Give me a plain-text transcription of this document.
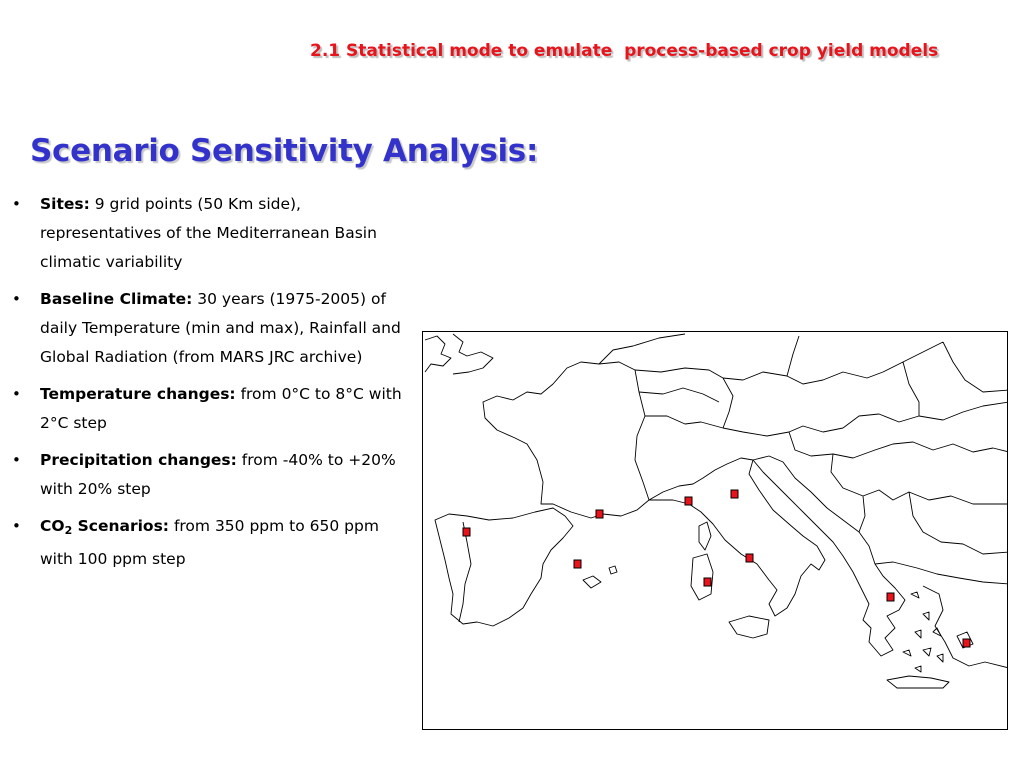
2.1 Statistical mode to emulate  process-based crop yield models
Scenario Sensitivity Analysis:
• Sites: 9 grid points (50 Km side), representatives of the Mediterranean Basin climatic variability
• Baseline Climate: 30 years (1975-2005) of daily Temperature (min and max), Rainfall and Global Radiation (from MARS JRC archive)
• Temperature changes: from 0°C to 8°C with 2°C step
• Precipitation changes: from -40% to +20% with 20% step
• $CO_2$ Scenarios: from 350 ppm to 650 ppm with 100 ppm step
